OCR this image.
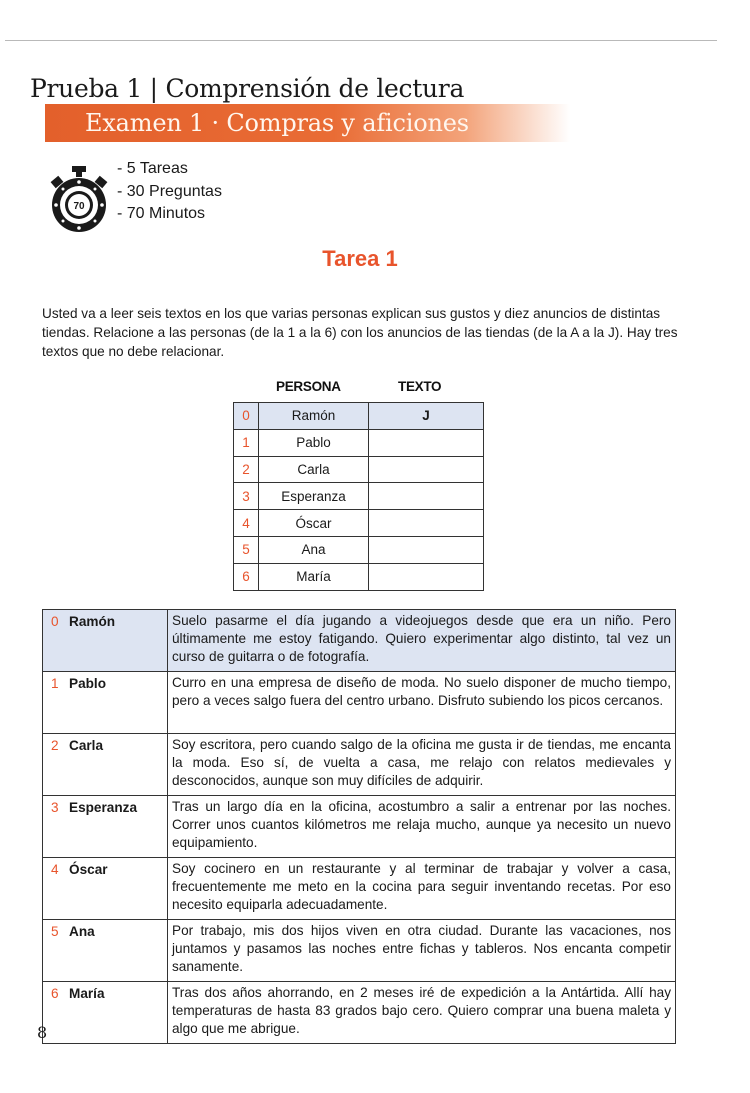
Prueba 1 | Comprensión de lectura
Examen 1 · Compras y aficiones
70
- 5 Tareas
- 30 Preguntas
- 70 Minutos
Tarea 1

Usted va a leer seis textos en los que varias personas explican sus gustos y diez anuncios de distintas tiendas. Relacione a las personas (de la 1 a la 6) con los anuncios de las tiendas (de la A a la J). Hay tres textos que no debe relacionar.

PERSONA	TEXTO
0	Ramón	J
1	Pablo	
2	Carla	
3	Esperanza	
4	Óscar	
5	Ana	
6	María	
0 Ramón	Suelo pasarme el día jugando a videojuegos desde que era un niño. Pero últimamente me estoy fatigando. Quiero experimentar algo distinto, tal vez un curso de guitarra o de fotografía.
1 Pablo	Curro en una empresa de diseño de moda. No suelo disponer de mucho tiempo, pero a veces salgo fuera del centro urbano. Disfruto subiendo los picos cercanos.
2 Carla	Soy escritora, pero cuando salgo de la oficina me gusta ir de tiendas, me encanta la moda. Eso sí, de vuelta a casa, me relajo con relatos medievales y desconocidos, aunque son muy difíciles de adquirir.
3 Esperanza	Tras un largo día en la oficina, acostumbro a salir a entrenar por las noches. Correr unos cuantos kilómetros me relaja mucho, aunque ya necesito un nuevo equipamiento.
4 Óscar	Soy cocinero en un restaurante y al terminar de trabajar y volver a casa, frecuentemente me meto en la cocina para seguir inventando recetas. Por eso necesito equiparla adecuadamente.
5 Ana	Por trabajo, mis dos hijos viven en otra ciudad. Durante las vacaciones, nos juntamos y pasamos las noches entre fichas y tableros. Nos encanta competir sanamente.
6 María	Tras dos años ahorrando, en 2 meses iré de expedición a la Antártida. Allí hay temperaturas de hasta 83 grados bajo cero. Quiero comprar una buena maleta y algo que me abrigue.
8
